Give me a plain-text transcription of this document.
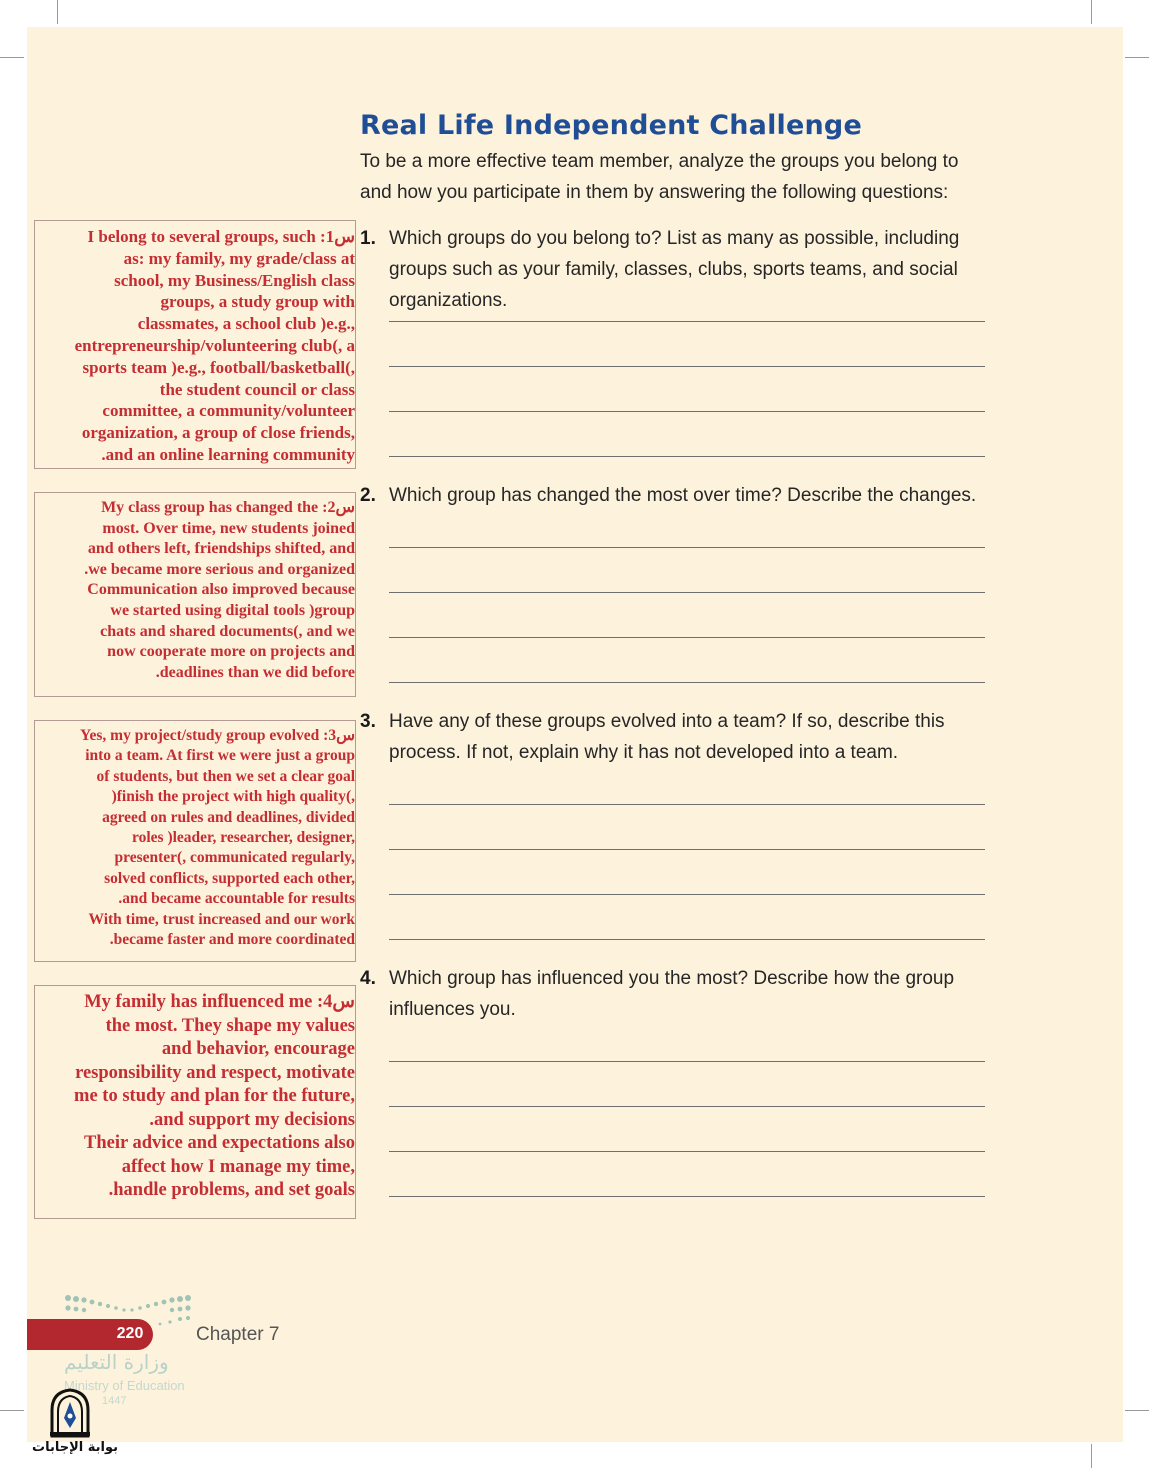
Real Life Independent Challenge
To be a more effective team member, analyze the groups you belong to and how you participate in them by answering the following questions:
1. Which groups do you belong to? List as many as possible, including groups such as your family, classes, clubs, sports teams, and social organizations.
2. Which group has changed the most over time? Describe the changes.
3. Have any of these groups evolved into a team? If so, describe this process. If not, explain why it has not developed into a team.
4. Which group has influenced you the most? Describe how the group influences you.
I belong to several groups, such :1س
as: my family, my grade/class at
school, my Business/English class
groups, a study group with
classmates, a school club )e.g.,
entrepreneurship/volunteering club(, a
sports team )e.g., football/basketball(,
the student council or class
committee, a community/volunteer
organization, a group of close friends,
.and an online learning community
My class group has changed the :2س
most. Over time, new students joined
and others left, friendships shifted, and
.we became more serious and organized
Communication also improved because
we started using digital tools )group
chats and shared documents(, and we
now cooperate more on projects and
.deadlines than we did before
Yes, my project/study group evolved :3س
into a team. At first we were just a group
of students, but then we set a clear goal
)finish the project with high quality(,
agreed on rules and deadlines, divided
roles )leader, researcher, designer,
presenter(, communicated regularly,
solved conflicts, supported each other,
.and became accountable for results
With time, trust increased and our work
.became faster and more coordinated
My family has influenced me :4س
the most. They shape my values
and behavior, encourage
responsibility and respect, motivate
me to study and plan for the future,
.and support my decisions
Their advice and expectations also
affect how I manage my time,
.handle problems, and set goals
220	Chapter 7
وزارة التعليم
Ministry of Education
1447
بوابة الإجابات
